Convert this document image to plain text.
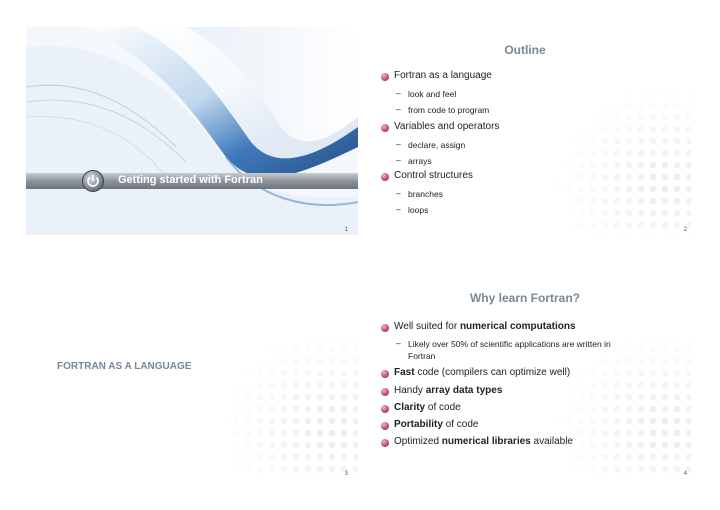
Getting started with Fortran
1
Outline
Fortran as a language
– look and feel
– from code to program
Variables and operators
– declare, assign
– arrays
Control structures
– branches
– loops
2
FORTRAN AS A LANGUAGE
3
Why learn Fortran?
Well suited for numerical computations
– Likely over 50% of scientific applications are written in
Fortran
Fast code (compilers can optimize well)
Handy array data types
Clarity of code
Portability of code
Optimized numerical libraries available
4
